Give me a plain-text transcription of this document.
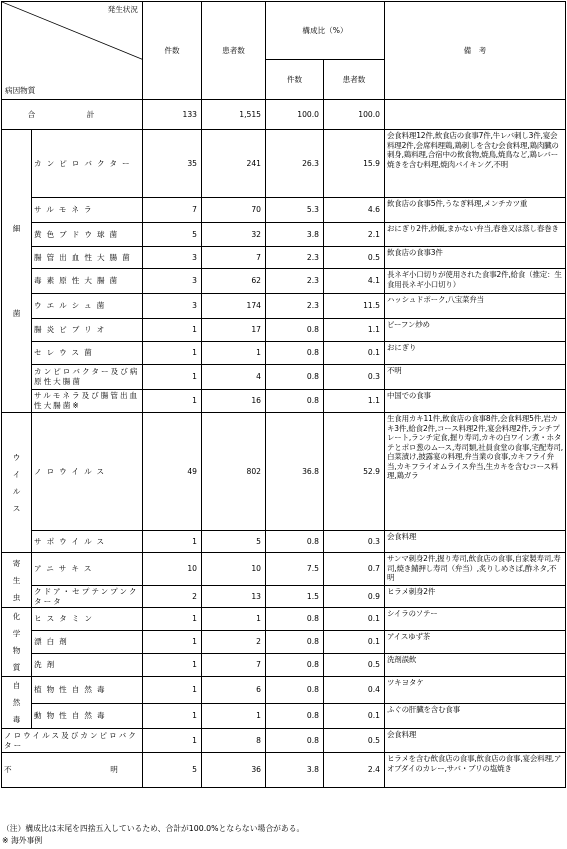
発生状況
病因物質		件数	患者数	構成比（%）		備　考
				件数	患者数	
合　計		133	1,515	100.0	100.0	

細

菌	カンピロバクター	35	241	26.3	15.9	会食料理12件,飲食店の食事7件,牛レバ刺し3件,宴会料理2件,会席料理鶏,鶏刺しを含む会食料理,鶏肉臓の刺身,鶏料理,合宿中の飲食物,焼鳥,焼鳥など,鶏レバー焼きを含む料理,焼肉バイキング,不明
	サルモネラ	7	70	5.3	4.6	飲食店の食事5件,うなぎ料理,メンチカツ重
	黄色ブドウ球菌	5	32	3.8	2.1	おにぎり2件,炒飯,まかない弁当,春巻又は蒸し春巻き
	腸管出血性大腸菌	3	7	2.3	0.5	飲食店の食事3件
	毒素原性大腸菌	3	62	2.3	4.1	長ネギ小口切りが使用された食事2件,給食（推定：生食用長ネギ小口切り）
	ウエルシュ菌	3	174	2.3	11.5	ハッシュドポーク,八宝菜弁当
	腸炎ビブリオ	1	17	0.8	1.1	ビーフン炒め
	セレウス菌	1	1	0.8	0.1	おにぎり
	カンピロバクター及び病原性大腸菌	1	4	0.8	0.3	不明
	サルモネラ及び腸管出血性大腸菌※	1	16	0.8	1.1	中国での食事

ウ
イ
ル
ス	ノロウイルス	49	802	36.8	52.9	生食用カキ11件,飲食店の食事8件,会食料理5件,岩カキ3件,給食2件,コース料理2件,宴会料理2件,ランチプレート,ランチ定食,握り寿司,カキの白ワイン煮・ホタテとポロ葱のムース,寿司類,社員食堂の食事,宅配寿司,白菜漬け,披露宴の料理,弁当業の食事,カキフライ弁当,カキフライオムライス弁当,生カキを含むコース料理,鶏ガラ
	サポウイルス	1	5	0.8	0.3	会食料理

寄
生
虫	アニサキス	10	10	7.5	0.7	サンマ刺身2件,握り寿司,飲食店の食事,自家製寿司,寿司,焼き鯖押し寿司（弁当）,炙りしめさば,酢ネタ,不明
	クドア・セプテンプンクタータ	2	13	1.5	0.9	ヒラメ刺身2件

化
学
物
質	ヒスタミン	1	1	0.8	0.1	シイラのソテー
	漂白剤	1	2	0.8	0.1	アイスゆず茶
	洗剤	1	7	0.8	0.5	洗剤誤飲

自
然
毒	植物性自然毒	1	6	0.8	0.4	ツキヨタケ
	動物性自然毒	1	1	0.8	0.1	ふぐの肝臓を含む食事
ノロウイルス及びカンピロバクター		1	8	0.8	0.5	会食料理
不　　　　　　　　　　　　　明		5	36	3.8	2.4	ヒラメを含む飲食店の食事,飲食店の食事,宴会料理,アオブダイのカレー,サバ・ブリの塩焼き
（注）構成比は末尾を四捨五入しているため、合計が100.0%とならない場合がある。
※ 海外事例
